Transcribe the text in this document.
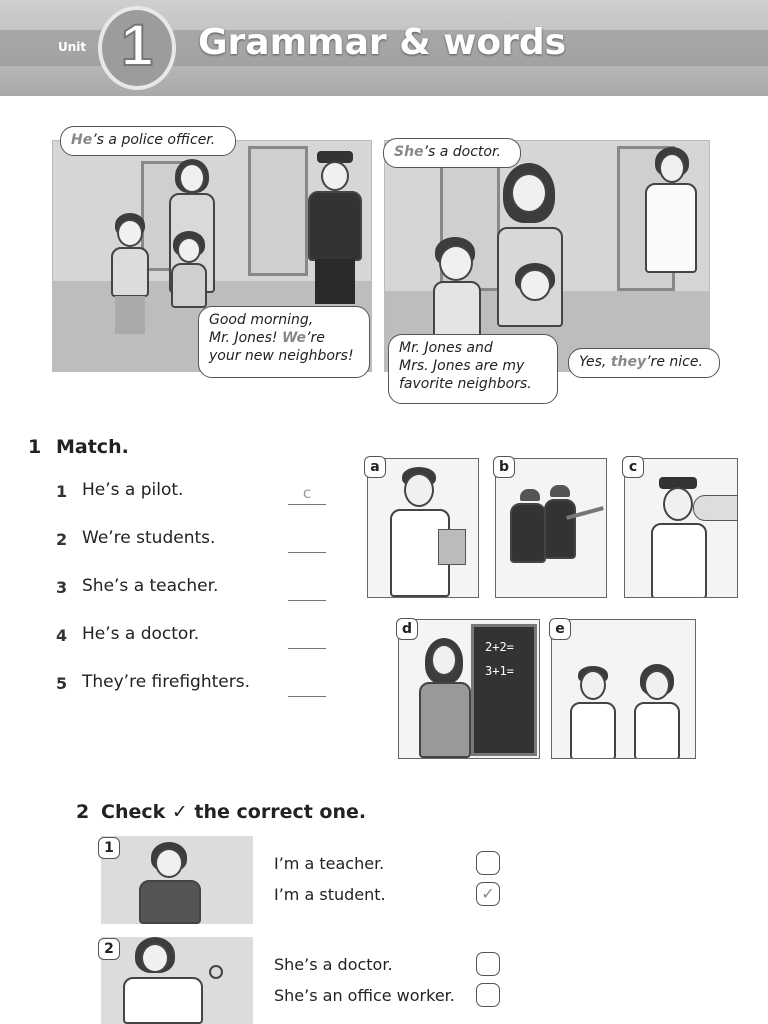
Unit 1	Grammar & words
He’s a police officer.
Good morning,
Mr. Jones! We’re
your new neighbors!
She’s a doctor.
Mr. Jones and
Mrs. Jones are my
favorite neighbors.
Yes, they’re nice.
1 Match.
1 He’s a pilot.	c
2 We’re students.
3 She’s a teacher.
4 He’s a doctor.
5 They’re firefighters.
a	b	c
2+2=
3+1=
d	e
2 Check ✓ the correct one.
1
I’m a teacher.
I’m a student.	✓
2
She’s a doctor.
She’s an office worker.
